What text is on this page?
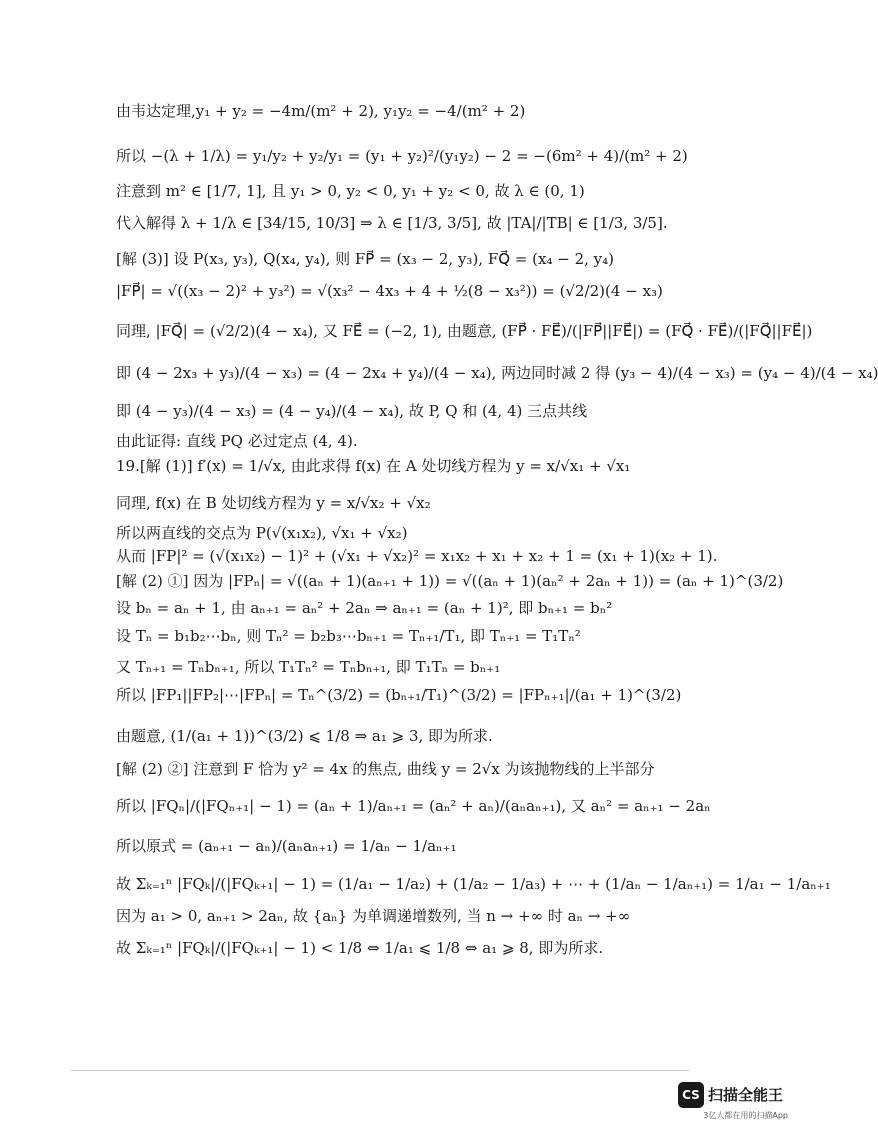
由韦达定理,y₁ + y₂ = −4m/(m² + 2), y₁y₂ = −4/(m² + 2)
所以 −(λ + 1/λ) = y₁/y₂ + y₂/y₁ = (y₁ + y₂)²/(y₁y₂) − 2 = −(6m² + 4)/(m² + 2)
注意到 m² ∈ [1/7, 1], 且 y₁ > 0, y₂ < 0, y₁ + y₂ < 0, 故 λ ∈ (0, 1)
代入解得 λ + 1/λ ∈ [34/15, 10/3] ⇒ λ ∈ [1/3, 3/5], 故 |TA|/|TB| ∈ [1/3, 3/5].
[解 (3)] 设 P(x₃, y₃), Q(x₄, y₄), 则 FP⃗ = (x₃ − 2, y₃), FQ⃗ = (x₄ − 2, y₄)
|FP⃗| = √((x₃ − 2)² + y₃²) = √(x₃² − 4x₃ + 4 + ½(8 − x₃²)) = (√2/2)(4 − x₃)
同理, |FQ⃗| = (√2/2)(4 − x₄), 又 FE⃗ = (−2, 1), 由题意, (FP⃗ · FE⃗)/(|FP⃗||FE⃗|) = (FQ⃗ · FE⃗)/(|FQ⃗||FE⃗|)
即 (4 − 2x₃ + y₃)/(4 − x₃) = (4 − 2x₄ + y₄)/(4 − x₄), 两边同时减 2 得 (y₃ − 4)/(4 − x₃) = (y₄ − 4)/(4 − x₄)
即 (4 − y₃)/(4 − x₃) = (4 − y₄)/(4 − x₄), 故 P, Q 和 (4, 4) 三点共线
由此证得: 直线 PQ 必过定点 (4, 4).
19.[解 (1)] f′(x) = 1/√x, 由此求得 f(x) 在 A 处切线方程为 y = x/√x₁ + √x₁
同理, f(x) 在 B 处切线方程为 y = x/√x₂ + √x₂
所以两直线的交点为 P(√(x₁x₂), √x₁ + √x₂)
从而 |FP|² = (√(x₁x₂) − 1)² + (√x₁ + √x₂)² = x₁x₂ + x₁ + x₂ + 1 = (x₁ + 1)(x₂ + 1).
[解 (2) ①] 因为 |FPₙ| = √((aₙ + 1)(aₙ₊₁ + 1)) = √((aₙ + 1)(aₙ² + 2aₙ + 1)) = (aₙ + 1)^(3/2)
设 bₙ = aₙ + 1, 由 aₙ₊₁ = aₙ² + 2aₙ ⇒ aₙ₊₁ = (aₙ + 1)², 即 bₙ₊₁ = bₙ²
设 Tₙ = b₁b₂⋯bₙ, 则 Tₙ² = b₂b₃⋯bₙ₊₁ = Tₙ₊₁/T₁, 即 Tₙ₊₁ = T₁Tₙ²
又 Tₙ₊₁ = Tₙbₙ₊₁, 所以 T₁Tₙ² = Tₙbₙ₊₁, 即 T₁Tₙ = bₙ₊₁
所以 |FP₁||FP₂|⋯|FPₙ| = Tₙ^(3/2) = (bₙ₊₁/T₁)^(3/2) = |FPₙ₊₁|/(a₁ + 1)^(3/2)
由题意, (1/(a₁ + 1))^(3/2) ⩽ 1/8 ⇒ a₁ ⩾ 3, 即为所求.
[解 (2) ②] 注意到 F 恰为 y² = 4x 的焦点, 曲线 y = 2√x 为该抛物线的上半部分
所以 |FQₙ|/(|FQₙ₊₁| − 1) = (aₙ + 1)/aₙ₊₁ = (aₙ² + aₙ)/(aₙaₙ₊₁), 又 aₙ² = aₙ₊₁ − 2aₙ
所以原式 = (aₙ₊₁ − aₙ)/(aₙaₙ₊₁) = 1/aₙ − 1/aₙ₊₁
故 Σₖ₌₁ⁿ |FQₖ|/(|FQₖ₊₁| − 1) = (1/a₁ − 1/a₂) + (1/a₂ − 1/a₃) + ⋯ + (1/aₙ − 1/aₙ₊₁) = 1/a₁ − 1/aₙ₊₁
因为 a₁ > 0, aₙ₊₁ > 2aₙ, 故 {aₙ} 为单调递增数列, 当 n → +∞ 时 aₙ → +∞
故 Σₖ₌₁ⁿ |FQₖ|/(|FQₖ₊₁| − 1) < 1/8 ⇔ 1/a₁ ⩽ 1/8 ⇔ a₁ ⩾ 8, 即为所求.
CS 扫描全能王
3亿人都在用的扫描App
